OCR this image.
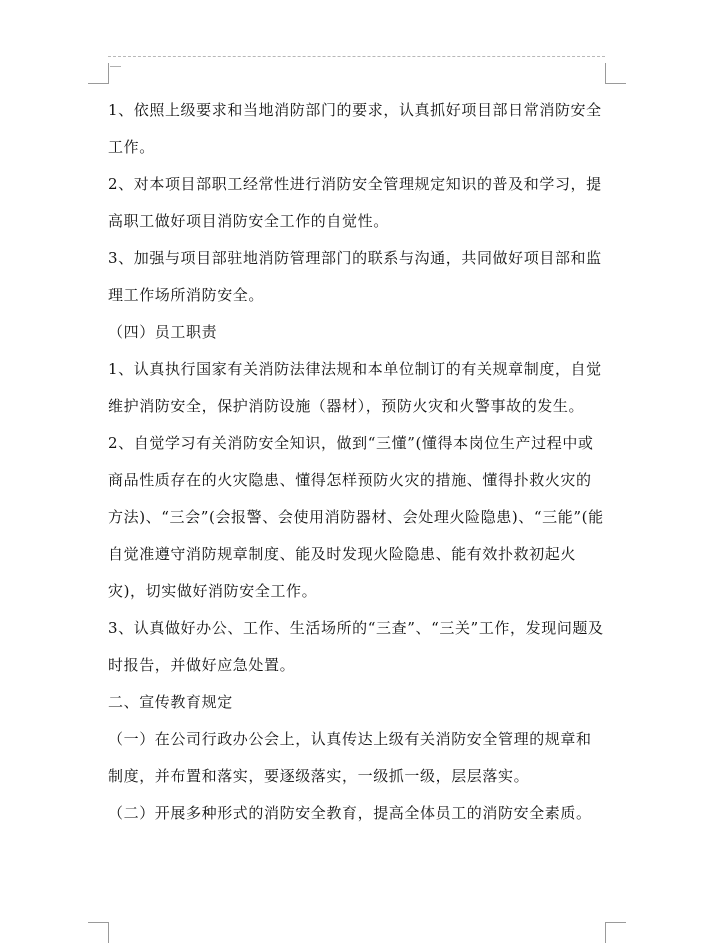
1、依照上级要求和当地消防部门的要求，认真抓好项目部日常消防安全工作。

2、对本项目部职工经常性进行消防安全管理规定知识的普及和学习，提高职工做好项目消防安全工作的自觉性。

3、加强与项目部驻地消防管理部门的联系与沟通，共同做好项目部和监理工作场所消防安全。

（四）员工职责

1、认真执行国家有关消防法律法规和本单位制订的有关规章制度，自觉维护消防安全，保护消防设施（器材），预防火灾和火警事故的发生。

2、自觉学习有关消防安全知识，做到“三懂”(懂得本岗位生产过程中或商品性质存在的火灾隐患、懂得怎样预防火灾的措施、懂得扑救火灾的方法)、“三会”(会报警、会使用消防器材、会处理火险隐患)、“三能”(能自觉准遵守消防规章制度、能及时发现火险隐患、能有效扑救初起火灾)，切实做好消防安全工作。

3、认真做好办公、工作、生活场所的“三查”、“三关”工作，发现问题及时报告，并做好应急处置。

二、宣传教育规定

（一）在公司行政办公会上，认真传达上级有关消防安全管理的规章和制度，并布置和落实，要逐级落实，一级抓一级，层层落实。

（二）开展多种形式的消防安全教育，提高全体员工的消防安全素质。
